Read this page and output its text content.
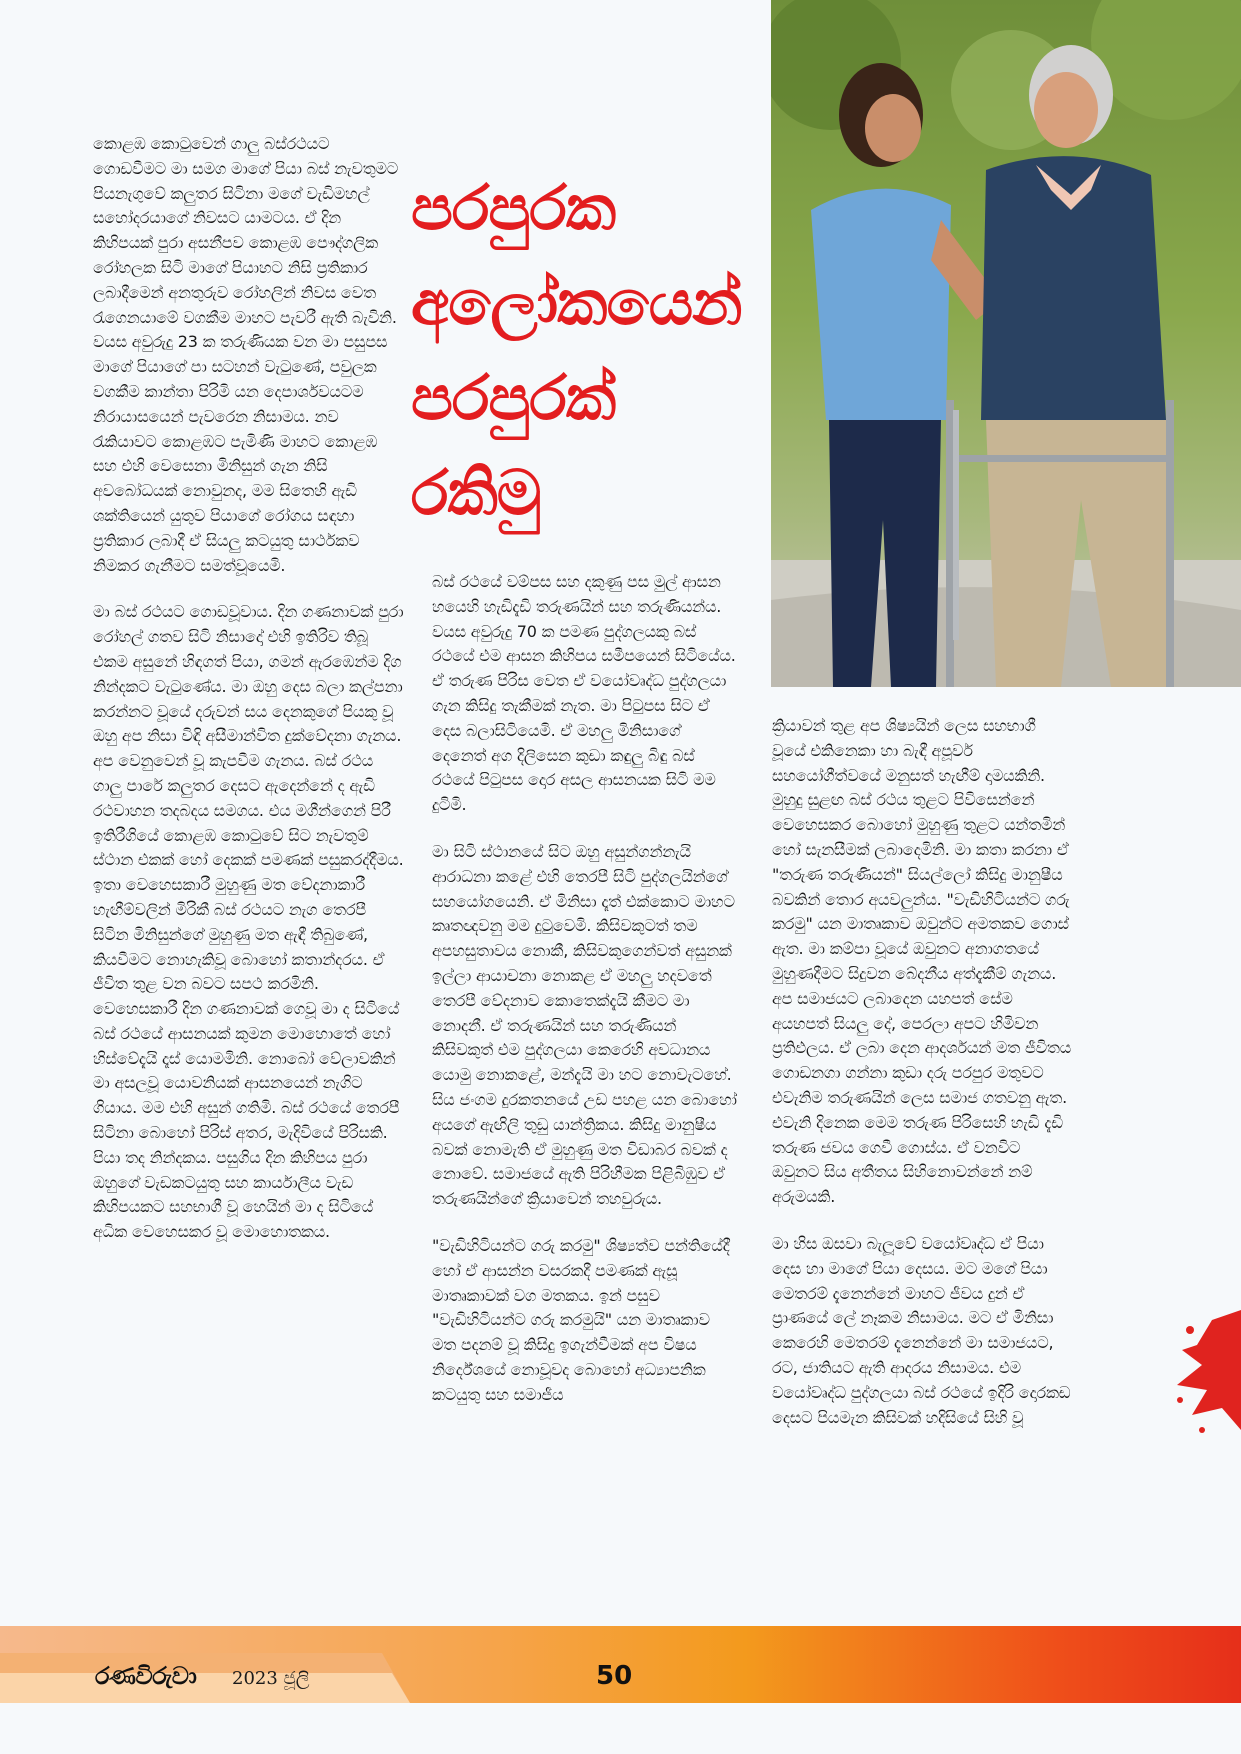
කොළඹ කොටුවෙන් ගාලු බස්රථයට ගොඩවීමට මා සමග මාගේ පියා බස් නැවතුමට පියනැගුවේ කලුතර සිටිනා මගේ වැඩිමහල් සහෝදරයාගේ නිවසට යාමටය. ඒ දින කිහිපයක් පුරා අසනීපව කොළඹ පෞද්ගලික රෝහලක සිටි මාගේ පියාහට නිසි ප්‍රතිකාර ලබාදීමෙන් අනතුරුව රෝහලින් නිවස වෙත රැගෙනයාමේ වගකීම මාහට පැවරී ඇති බැවිනි. වයස අවුරුදු 23 ක තරුණියක වන මා පසුපස මාගේ පියාගේ පා සටහන් වැටුණේ, පවුලක වගකීම කාන්තා පිරිමි යන දෙපාර්ශවයටම නිරායාසයෙන් පැවරෙන නිසාමය. නව රැකියාවට කොළඹට පැමිණි මාහට කොළඹ සහ එහි වෙසෙනා මිනිසුන් ගැන නිසි අවබෝධයක් නොවුනද, මම සිතෙහි ඇඩි ශක්තියෙන් යුතුව පියාගේ රෝගය සඳහා ප්‍රතිකාර ලබාදී ඒ සියලු කටයුතු සාර්ථකව නිමකර ගැනීමට සමත්වූයෙමි.

මා බස් රථයට ගොඩවූවාය. දින ගණනාවක් පුරා රෝහල් ගතව සිටි නිසාදෝ එහි ඉතිරිව තිබූ එකම අසුනේ හිඳගත් පියා, ගමන් ඇරඹෙන්ම දිග නින්දකට වැටුණේය. මා ඔහු දෙස බලා කල්පනා කරන්නට වූයේ දරුවන් සය දෙනකුගේ පියකු වූ ඔහු අප නිසා විඳි අසීමාන්විත දුක්වේදනා ගැනය. අප වෙනුවෙන් වූ කැපවීම ගැනය. බස් රථය ගාලු පාරේ කලුතර දෙසට ඇදෙන්නේ ද ඇඩි රථවාහන තදබදය සමගය. එය මගීන්ගෙන් පිරී ඉතිරීගියේ කොළඹ කොටුවේ සිට නැවතුම් ස්ථාන එකක් හෝ දෙකක් පමණක් පසුකරද්දීමය. ඉතා වෙහෙසකාරී මුහුණු මත වේදනාකාරී හැඟීම්වලින් මිරිකී බස් රථයට නැග තෙරපී සිටින මිනිසුන්ගේ මුහුණු මත ඇඳී තිබුණේ, කියවීමට නොහැකිවූ බොහෝ කතාන්දරය. ඒ ජීවිත තුළ වන බවට සපථ කරමිනි. වෙහෙසකාරී දින ගණනාවක් ගෙවූ මා ද සිටියේ බස් රථයේ ආසනයක් කුමන මොහොතේ හෝ හිස්වේදැයි දෑස් යොමමිනි. නොබෝ වේලාවකින් මා අසලවූ යොවනියක් ආසනයෙන් නැගිට ගියාය. මම එහි අසුන් ගතිමි. බස් රථයේ තෙරපී සිටිනා බොහෝ පිරිස් අතර, මැදිවියේ පිරිසකි. පියා තද නින්දකය. පසුගිය දින කිහිපය පුරා ඔහුගේ වැඩකටයුතු සහ කාර්යාලීය වැඩ කිහිපයකට සහභාගී වූ හෙයින් මා ද සිටියේ අධික වෙහෙසකර වූ මොහොතකය.

පරපුරක
අලෝකයෙන්
පරපුරක්
රකිමු

බස් රථයේ වම්පස සහ දකුණු පස මුල් ආසන හයෙහි හැඩිදැඩි තරුණයින් සහ තරුණියන්ය. වයස අවුරුදු 70 ක පමණ පුද්ගලයකු බස් රථයේ එම ආසන කිහිපය සමීපයෙන් සිටියේය. ඒ තරුණ පිරිස වෙත ඒ වයෝවෘද්ධ පුද්ගලයා ගැන කිසිදු තැකීමක් නැත. මා පිටුපස සිට ඒ දෙස බලාසිටියෙමි. ඒ මහලු මිනිසාගේ දෙනෙත් අග දිලිසෙන කුඩා කඳුලු බිඳු බස් රථයේ පිටුපස දොර අසල ආසනයක සිටි මම දුටිමි.

මා සිටි ස්ථානයේ සිට ඔහු අසුන්ගන්නැයි ආරාධනා කළේ එහි තෙරපී සිටි පුද්ගලයින්ගේ සහයෝගයෙනි. ඒ මිනිසා දෑත් එක්කොට මාහට කෘතඥවනු මම දුටුවෙමි. කිසිවකුටත් තම අපහසුතාවය නොකී, කිසිවකුගෙන්වත් අසුනක් ඉල්ලා ආයාචනා නොකළ ඒ මහලු හදවතේ තෙරපී වේදනාව කොතෙක්දැයි කීමට මා නොදනී. ඒ තරුණයින් සහ තරුණියන් කිසිවකුත් එම පුද්ගලයා කෙරෙහි අවධානය යොමු නොකළේ, මන්දැයි මා හට නොවැටහේ. සිය ජංගම දුරකතනයේ උඩ පහළ යන බොහෝ අයගේ ඇඟිලි තුඩු යාන්ත්‍රිකය. කිසිදු මානුෂීය බවක් නොමැති ඒ මුහුණු මත විඩාබර බවක් ද නොවේ. සමාජයේ ඇති පිරිහීමක පිළිබිඹුව ඒ තරුණයින්ගේ ක්‍රියාවෙන් තහවුරුය.

"වැඩිහිටියන්ට ගරු කරමු" ශිෂ්‍යත්ව පන්තියේදී හෝ ඒ ආසන්න වසරකදී පමණක් ඇසූ මාතෘකාවක් වග මතකය. ඉන් පසුව "වැඩිහිටියන්ට ගරු කරමුයි" යන මාතෘකාව මත පදනම් වූ කිසිදු ඉගැන්වීමක් අප විෂය නිර්දේශයේ නොවූවද බොහෝ අධ්‍යාපනික කටයුතු සහ සමාජීය

ක්‍රියාවන් තුළ අප ශිෂ්‍යයින් ලෙස සහභාගී වූයේ එකිනෙකා හා බැඳී අපූර්ව සහයෝගීත්වයේ මනුසත් හැඟීම් දාමයකිනි. මුහුදු සුළඟ බස් රථය තුළට පිවිසෙන්නේ වෙහෙසකර බොහෝ මුහුණු තුළට යන්තමින් හෝ සැනසීමක් ලබාදෙමිනි. මා කතා කරනා ඒ "තරුණ තරුණියන්" සියල්ලෝ කිසිදු මානුෂීය බවකින් තොර අයවලුන්ය. "වැඩිහිටියන්ට ගරු කරමු" යන මාතෘකාව ඔවුන්ට අමතකව ගොස් ඇත. මා කම්පා වූයේ ඔවුනට අනාගතයේ මුහුණදීමට සිදුවන බේදනීය අත්දැකීම් ගැනය. අප සමාජයට ලබාදෙන යහපත් සේම අයහපත් සියලු දේ, පෙරලා අපට හිමිවන ප්‍රතිඵලය. ඒ ලබා දෙන ආදර්ශයන් මත ජීවිතය ගොඩනගා ගන්නා කුඩා දරු පරපුර මතුවට එවැනිම තරුණයින් ලෙස සමාජ ගතවනු ඇත. එවැනි දිනෙක මෙම තරුණ පිරිසෙහි හැඩි දැඩි තරුණ ජවය ගෙවී ගොස්ය. ඒ වනවිට ඔවුනට සිය අතීතය සිහිනොවන්නේ නම් අරුමයකි.

මා හිස ඔසවා බැලූවේ වයෝවෘද්ධ ඒ පියා දෙස හා මාගේ පියා දෙසය. මට මගේ පියා මෙතරම් දැනෙන්නේ මාහට ජීවය දුන් ඒ ප්‍රාණයේ ලේ නෑකම නිසාමය. මට ඒ මිනිසා කෙරෙහි මෙතරම් දැනෙන්නේ මා සමාජයට, රට, ජාතියට ඇති ආදරය නිසාමය. එම වයෝවෘද්ධ පුද්ගලයා බස් රථයේ ඉදිරි දොරකඩ දෙසට පියමැන කිසිවක් හදිසියේ සිහි වූ

රණවිරුවා 2023 ජූලි	50
